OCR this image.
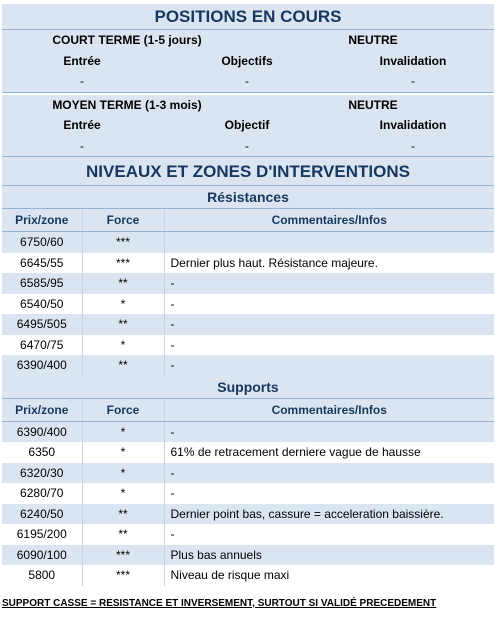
POSITIONS EN COURS
COURT TERME (1-5 jours)	NEUTRE
Entrée	Objectifs	Invalidation
-	-	-
MOYEN TERME (1-3 mois)	NEUTRE
Entrée	Objectif	Invalidation
-	-	-
NIVEAUX ET ZONES D'INTERVENTIONS
Résistances
Prix/zone	Force	Commentaires/Infos
6750/60	***	
6645/55	***	Dernier plus haut. Résistance majeure.
6585/95	**	-
6540/50	*	-
6495/505	**	-
6470/75	*	-
6390/400	**	-
Supports
Prix/zone	Force	Commentaires/Infos
6390/400	*	-
6350	*	61% de retracement derniere vague de hausse
6320/30	*	-
6280/70	*	-
6240/50	**	Dernier point bas, cassure = acceleration baissière.
6195/200	**	-
6090/100	***	Plus bas annuels
5800	***	Niveau de risque maxi
SUPPORT CASSE = RESISTANCE ET INVERSEMENT, SURTOUT SI VALIDÉ PRECEDEMENT
